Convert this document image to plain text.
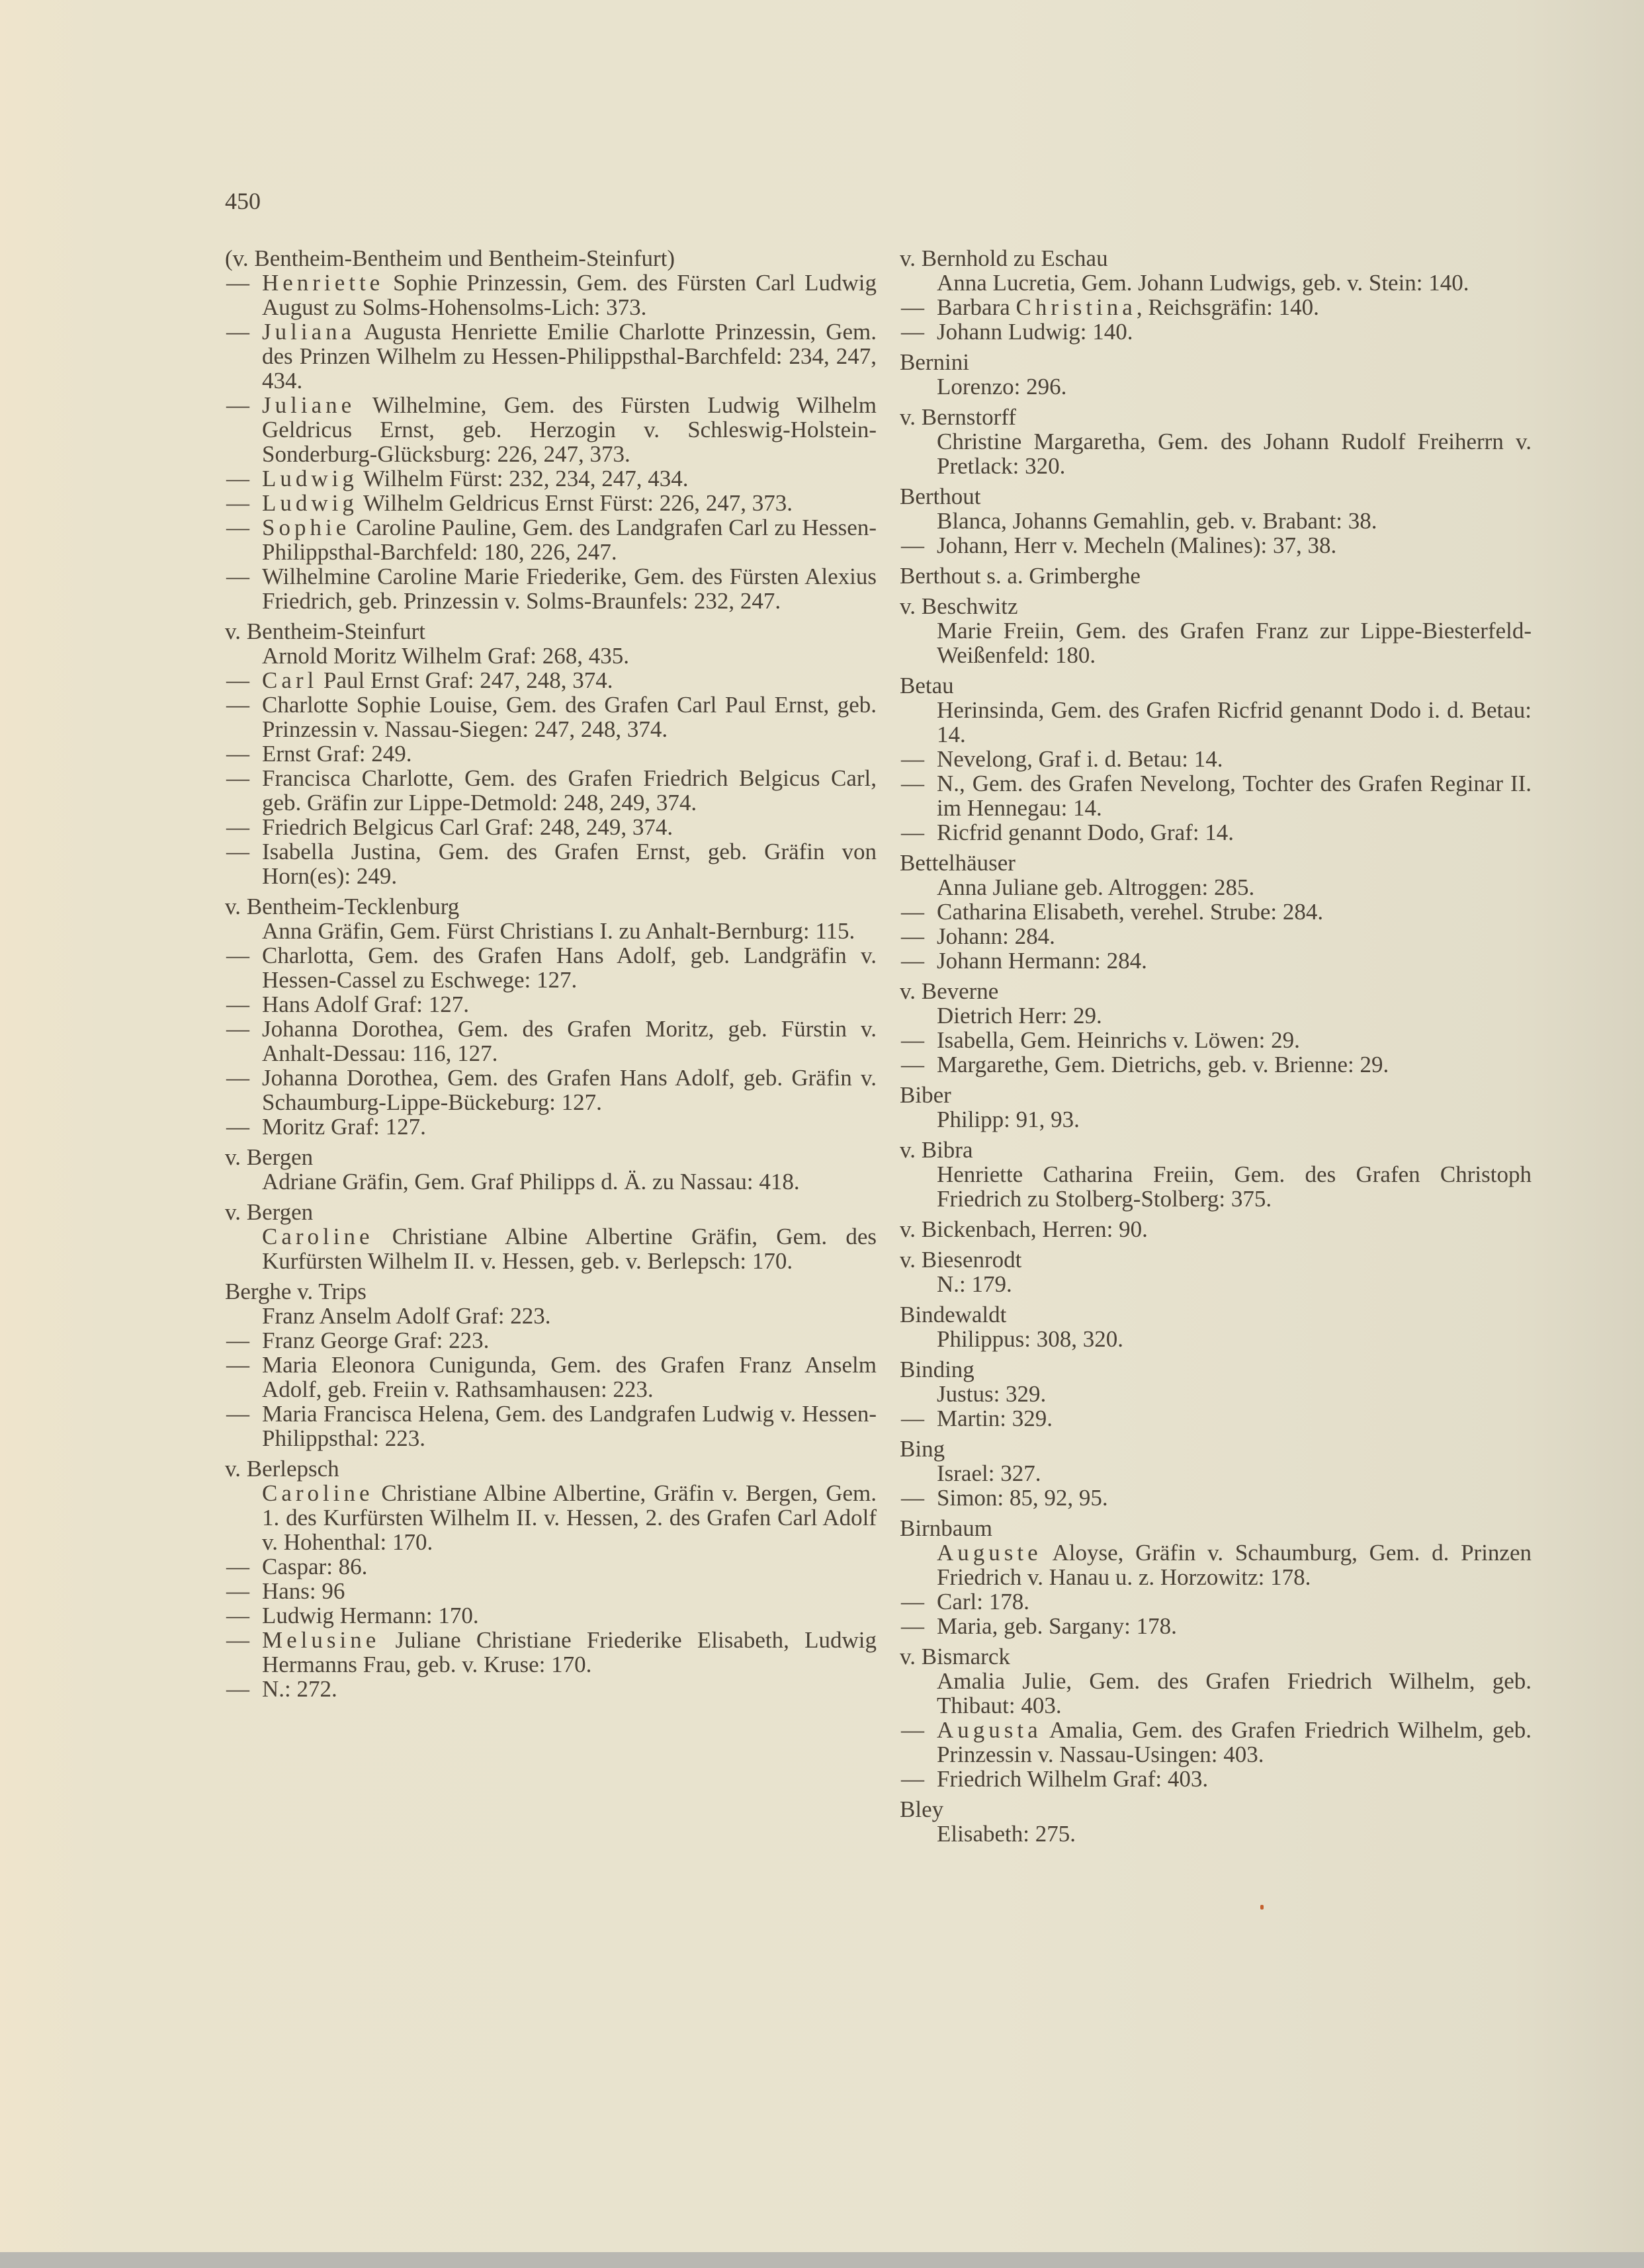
450
(v. Bentheim-Bentheim und Bentheim-Steinfurt)
— Henriette Sophie Prinzessin, Gem. des Fürsten Carl Ludwig August zu Solms-Hohensolms-Lich: 373.
— Juliana Augusta Henriette Emilie Charlotte Prinzessin, Gem. des Prinzen Wilhelm zu Hessen-Philippsthal-Barchfeld: 234, 247, 434.
— Juliane Wilhelmine, Gem. des Fürsten Ludwig Wilhelm Geldricus Ernst, geb. Herzogin v. Schleswig-Holstein-Sonderburg-Glücksburg: 226, 247, 373.
— Ludwig Wilhelm Fürst: 232, 234, 247, 434.
— Ludwig Wilhelm Geldricus Ernst Fürst: 226, 247, 373.
— Sophie Caroline Pauline, Gem. des Landgrafen Carl zu Hessen-Philippsthal-Barchfeld: 180, 226, 247.
— Wilhelmine Caroline Marie Friederike, Gem. des Fürsten Alexius Friedrich, geb. Prinzessin v. Solms-Braunfels: 232, 247.
v. Bentheim-Steinfurt
Arnold Moritz Wilhelm Graf: 268, 435.
— Carl Paul Ernst Graf: 247, 248, 374.
— Charlotte Sophie Louise, Gem. des Grafen Carl Paul Ernst, geb. Prinzessin v. Nassau-Siegen: 247, 248, 374.
— Ernst Graf: 249.
— Francisca Charlotte, Gem. des Grafen Friedrich Belgicus Carl, geb. Gräfin zur Lippe-Detmold: 248, 249, 374.
— Friedrich Belgicus Carl Graf: 248, 249, 374.
— Isabella Justina, Gem. des Grafen Ernst, geb. Gräfin von Horn(es): 249.
v. Bentheim-Tecklenburg
Anna Gräfin, Gem. Fürst Christians I. zu Anhalt-Bernburg: 115.
— Charlotta, Gem. des Grafen Hans Adolf, geb. Landgräfin v. Hessen-Cassel zu Eschwege: 127.
— Hans Adolf Graf: 127.
— Johanna Dorothea, Gem. des Grafen Moritz, geb. Fürstin v. Anhalt-Dessau: 116, 127.
— Johanna Dorothea, Gem. des Grafen Hans Adolf, geb. Gräfin v. Schaumburg-Lippe-Bückeburg: 127.
— Moritz Graf: 127.
v. Bergen
Adriane Gräfin, Gem. Graf Philipps d. Ä. zu Nassau: 418.
v. Bergen
Caroline Christiane Albine Albertine Gräfin, Gem. des Kurfürsten Wilhelm II. v. Hessen, geb. v. Berlepsch: 170.
Berghe v. Trips
Franz Anselm Adolf Graf: 223.
— Franz George Graf: 223.
— Maria Eleonora Cunigunda, Gem. des Grafen Franz Anselm Adolf, geb. Freiin v. Rathsamhausen: 223.
— Maria Francisca Helena, Gem. des Landgrafen Ludwig v. Hessen-Philippsthal: 223.
v. Berlepsch
Caroline Christiane Albine Albertine, Gräfin v. Bergen, Gem. 1. des Kurfürsten Wilhelm II. v. Hessen, 2. des Grafen Carl Adolf v. Hohenthal: 170.
— Caspar: 86.
— Hans: 96
— Ludwig Hermann: 170.
— Melusine Juliane Christiane Friederike Elisabeth, Ludwig Hermanns Frau, geb. v. Kruse: 170.
— N.: 272.
v. Bernhold zu Eschau
Anna Lucretia, Gem. Johann Ludwigs, geb. v. Stein: 140.
— Barbara Christina, Reichsgräfin: 140.
— Johann Ludwig: 140.
Bernini
Lorenzo: 296.
v. Bernstorff
Christine Margaretha, Gem. des Johann Rudolf Freiherrn v. Pretlack: 320.
Berthout
Blanca, Johanns Gemahlin, geb. v. Brabant: 38.
— Johann, Herr v. Mecheln (Malines): 37, 38.
Berthout s. a. Grimberghe
v. Beschwitz
Marie Freiin, Gem. des Grafen Franz zur Lippe-Biesterfeld-Weißenfeld: 180.
Betau
Herinsinda, Gem. des Grafen Ricfrid genannt Dodo i. d. Betau: 14.
— Nevelong, Graf i. d. Betau: 14.
— N., Gem. des Grafen Nevelong, Tochter des Grafen Reginar II. im Hennegau: 14.
— Ricfrid genannt Dodo, Graf: 14.
Bettelhäuser
Anna Juliane geb. Altroggen: 285.
— Catharina Elisabeth, verehel. Strube: 284.
— Johann: 284.
— Johann Hermann: 284.
v. Beverne
Dietrich Herr: 29.
— Isabella, Gem. Heinrichs v. Löwen: 29.
— Margarethe, Gem. Dietrichs, geb. v. Brienne: 29.
Biber
Philipp: 91, 93.
v. Bibra
Henriette Catharina Freiin, Gem. des Grafen Christoph Friedrich zu Stolberg-Stolberg: 375.
v. Bickenbach, Herren: 90.
v. Biesenrodt
N.: 179.
Bindewaldt
Philippus: 308, 320.
Binding
Justus: 329.
— Martin: 329.
Bing
Israel: 327.
— Simon: 85, 92, 95.
Birnbaum
Auguste Aloyse, Gräfin v. Schaumburg, Gem. d. Prinzen Friedrich v. Hanau u. z. Horzowitz: 178.
— Carl: 178.
— Maria, geb. Sargany: 178.
v. Bismarck
Amalia Julie, Gem. des Grafen Friedrich Wilhelm, geb. Thibaut: 403.
— Augusta Amalia, Gem. des Grafen Friedrich Wilhelm, geb. Prinzessin v. Nassau-Usingen: 403.
— Friedrich Wilhelm Graf: 403.
Bley
Elisabeth: 275.
